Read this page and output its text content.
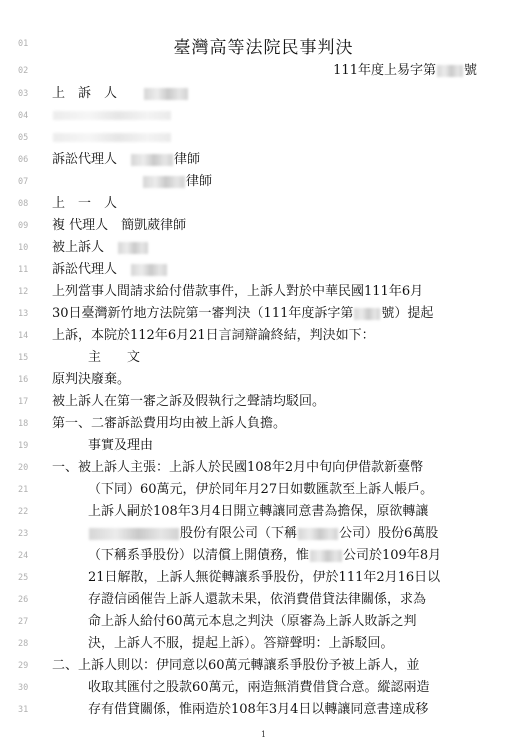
臺灣高等法院民事判決
01
02	111年度上易字第 號
03	上　訴　人　　
04
05
06	訴訟代理人　	律師
07	律師
08	上　一　人
09	複 代理人　 簡凱葳律師
10	被上訴人　
11	訴訟代理人　
12	上列當事人間請求給付借款事件，上訴人對於中華民國111年6月
13	30日臺灣新竹地方法院第一審判決（111年度訴字第 號）提起
14	上訴，本院於112年6月21日言詞辯論終結，判決如下：
15	主　　文
16	原判決廢棄。
17	被上訴人在第一審之訴及假執行之聲請均駁回。
18	第一、二審訴訟費用均由被上訴人負擔。
19	事實及理由
20	一、被上訴人主張：上訴人於民國108年2月中旬向伊借款新臺幣
21	（下同）60萬元，伊於同年月27日如數匯款至上訴人帳戶。
22	上訴人嗣於108年3月4日開立轉讓同意書為擔保，原欲轉讓
23	股份有限公司（下稱	公司）股份6萬股
24	（下稱系爭股份）以清償上開債務，惟	公司於109年8月
25	21日解散，上訴人無從轉讓系爭股份，伊於111年2月16日以
26	存證信函催告上訴人還款未果，依消費借貸法律關係，求為
27	命上訴人給付60萬元本息之判決（原審為上訴人敗訴之判
28	決，上訴人不服，提起上訴）。答辯聲明：上訴駁回。
29	二、上訴人則以：伊同意以60萬元轉讓系爭股份予被上訴人，並
30	收取其匯付之股款60萬元，兩造無消費借貸合意。縱認兩造
31	存有借貸關係，惟兩造於108年3月4日以轉讓同意書達成移
1
